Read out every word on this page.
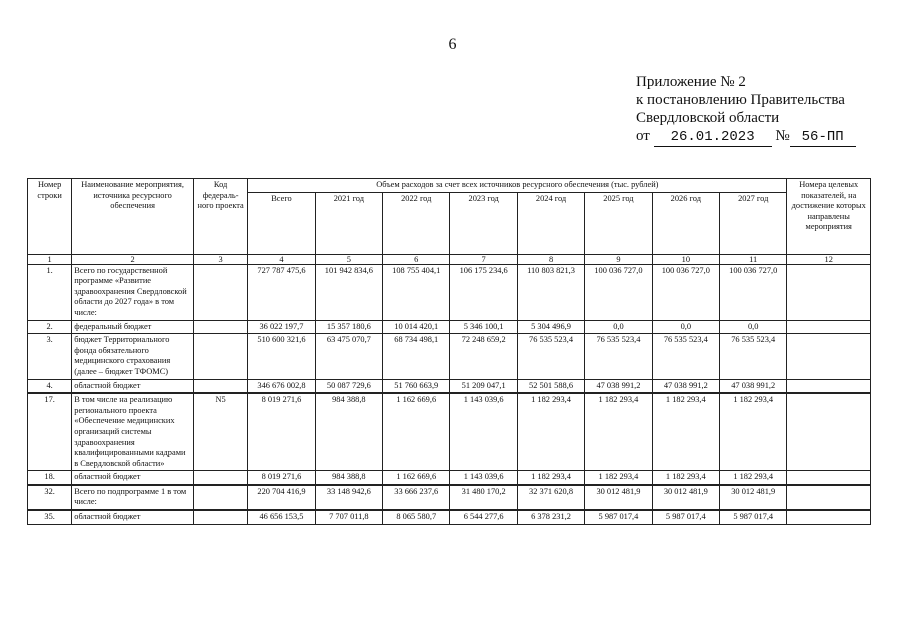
6
Приложение № 2
к постановлению Правительства
Свердловской области
от 26.01.2023 № 56-ПП
Номер строки	Наименование мероприятия, источника ресурсного обеспечения	Код федераль- ного проекта	Объем расходов за счет всех источников ресурсного обеспечения (тыс. рублей)								Номера целевых показателей, на достижение которых направлены мероприятия
			Всего	2021 год	2022 год	2023 год	2024 год	2025 год	2026 год	2027 год	
1	2	3	4	5	6	7	8	9	10	11	12
1.	Всего по государственной программе «Развитие здравоохранения Свердловской области до 2027 года» в том числе:		727 787 475,6	101 942 834,6	108 755 404,1	106 175 234,6	110 803 821,3	100 036 727,0	100 036 727,0	100 036 727,0	
2.	федеральный бюджет		36 022 197,7	15 357 180,6	10 014 420,1	5 346 100,1	5 304 496,9	0,0	0,0	0,0	
3.	бюджет Территориального фонда обязательного медицинского страхования (далее – бюджет ТФОМС)		510 600 321,6	63 475 070,7	68 734 498,1	72 248 659,2	76 535 523,4	76 535 523,4	76 535 523,4	76 535 523,4	
4.	областной бюджет		346 676 002,8	50 087 729,6	51 760 663,9	51 209 047,1	52 501 588,6	47 038 991,2	47 038 991,2	47 038 991,2	
17.	В том числе на реализацию регионального проекта «Обеспечение медицинских организаций системы здравоохранения квалифицированными кадрами в Свердловской области»	N5	8 019 271,6	984 388,8	1 162 669,6	1 143 039,6	1 182 293,4	1 182 293,4	1 182 293,4	1 182 293,4	
18.	областной бюджет		8 019 271,6	984 388,8	1 162 669,6	1 143 039,6	1 182 293,4	1 182 293,4	1 182 293,4	1 182 293,4	
32.	Всего по подпрограмме 1 в том числе:		220 704 416,9	33 148 942,6	33 666 237,6	31 480 170,2	32 371 620,8	30 012 481,9	30 012 481,9	30 012 481,9	
35.	областной бюджет		46 656 153,5	7 707 011,8	8 065 580,7	6 544 277,6	6 378 231,2	5 987 017,4	5 987 017,4	5 987 017,4	
